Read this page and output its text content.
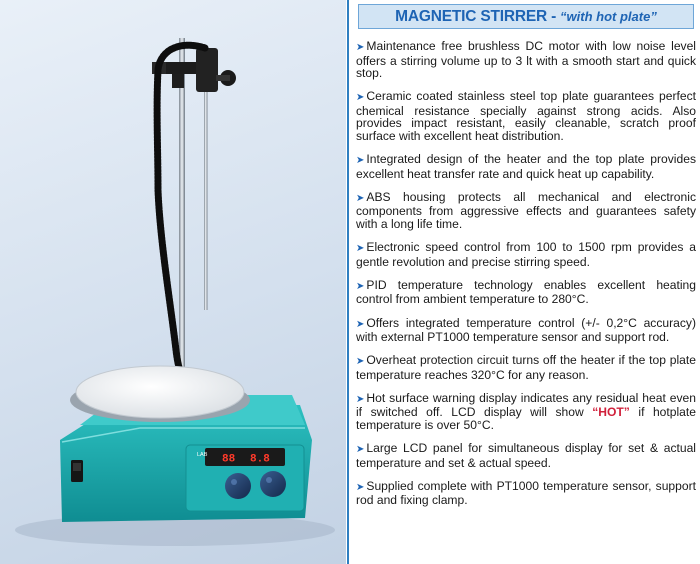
88 8.8
LAB
MAGNETIC STIRRER - “with hot plate”
➤ Maintenance free brushless DC motor with low noise level offers a stirring volume up to 3 lt with a smooth start and quick stop.
➤ Ceramic coated stainless steel top plate guarantees perfect chemical resistance specially against strong acids. Also provides impact resistant, easily cleanable, scratch proof surface with excellent heat distribution.
➤ Integrated design of the heater and the top plate provides excellent heat transfer rate and quick heat up capability.
➤ ABS housing protects all mechanical and electronic components from aggressive effects and guarantees safety with a long life time.
➤ Electronic speed control from 100 to 1500 rpm provides a gentle revolution and precise stirring speed.
➤ PID temperature technology enables excellent heating control from ambient temperature to 280°C.
➤ Offers integrated temperature control (+/- 0,2°C accuracy) with external PT1000 temperature sensor and support rod.
➤ Overheat protection circuit turns off the heater if the top plate temperature reaches 320°C for any reason.
➤ Hot surface warning display indicates any residual heat even if switched off. LCD display will show “HOT” if hotplate temperature is over 50°C.
➤ Large LCD panel for simultaneous display for set & actual temperature and set & actual speed.
➤ Supplied complete with PT1000 temperature sensor, support rod and fixing clamp.
